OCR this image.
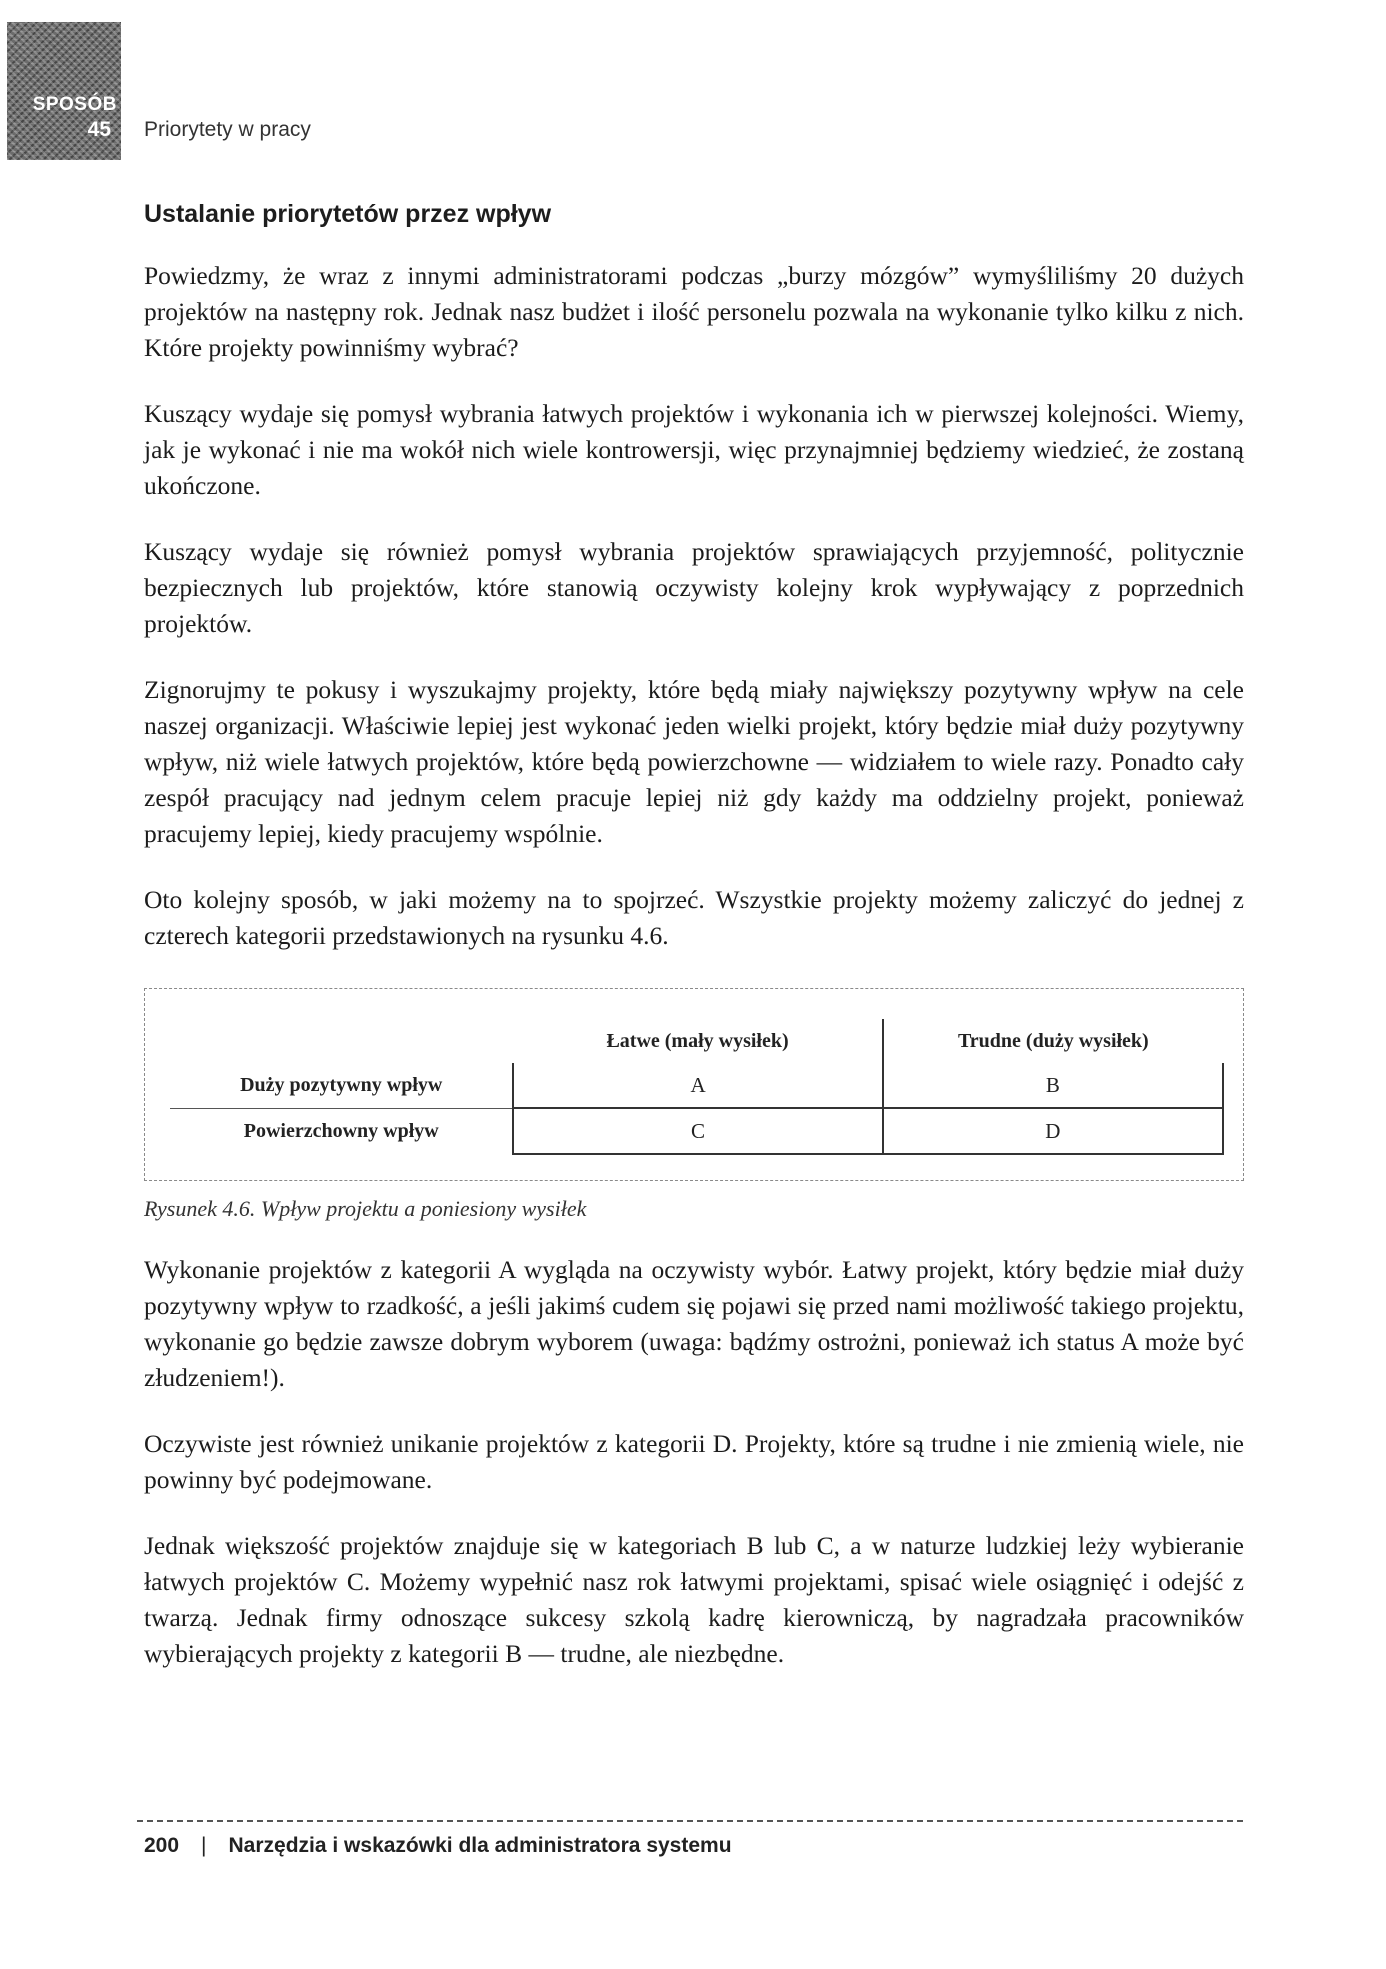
SPOSÓB
45 Priorytety w pracy
Ustalanie priorytetów przez wpływ

Powiedzmy, że wraz z innymi administratorami podczas „burzy mózgów” wymyśliliśmy 20 dużych projektów na następny rok. Jednak nasz budżet i ilość personelu pozwala na wykonanie tylko kilku z nich. Które projekty powinniśmy wybrać?

Kuszący wydaje się pomysł wybrania łatwych projektów i wykonania ich w pierwszej kolejności. Wiemy, jak je wykonać i nie ma wokół nich wiele kontrowersji, więc przynajmniej będziemy wiedzieć, że zostaną ukończone.

Kuszący wydaje się również pomysł wybrania projektów sprawiających przyjemność, politycznie bezpiecznych lub projektów, które stanowią oczywisty kolejny krok wypływający z poprzednich projektów.

Zignorujmy te pokusy i wyszukajmy projekty, które będą miały największy pozytywny wpływ na cele naszej organizacji. Właściwie lepiej jest wykonać jeden wielki projekt, który będzie miał duży pozytywny wpływ, niż wiele łatwych projektów, które będą powierzchowne — widziałem to wiele razy. Ponadto cały zespół pracujący nad jednym celem pracuje lepiej niż gdy każdy ma oddzielny projekt, ponieważ pracujemy lepiej, kiedy pracujemy wspólnie.

Oto kolejny sposób, w jaki możemy na to spojrzeć. Wszystkie projekty możemy zaliczyć do jednej z czterech kategorii przedstawionych na rysunku 4.6.

	Łatwe (mały wysiłek)	Trudne (duży wysiłek)
Duży pozytywny wpływ	A	B
Powierzchowny wpływ	C	D
Rysunek 4.6. Wpływ projektu a poniesiony wysiłek

Wykonanie projektów z kategorii A wygląda na oczywisty wybór. Łatwy projekt, który będzie miał duży pozytywny wpływ to rzadkość, a jeśli jakimś cudem się pojawi się przed nami możliwość takiego projektu, wykonanie go będzie zawsze dobrym wyborem (uwaga: bądźmy ostrożni, ponieważ ich status A może być złudzeniem!).

Oczywiste jest również unikanie projektów z kategorii D. Projekty, które są trudne i nie zmienią wiele, nie powinny być podejmowane.

Jednak większość projektów znajduje się w kategoriach B lub C, a w naturze ludzkiej leży wybieranie łatwych projektów C. Możemy wypełnić nasz rok łatwymi projektami, spisać wiele osiągnięć i odejść z twarzą. Jednak firmy odnoszące sukcesy szkolą kadrę kierowniczą, by nagradzała pracowników wybierających projekty z kategorii B — trudne, ale niezbędne.

200 | Narzędzia i wskazówki dla administratora systemu
